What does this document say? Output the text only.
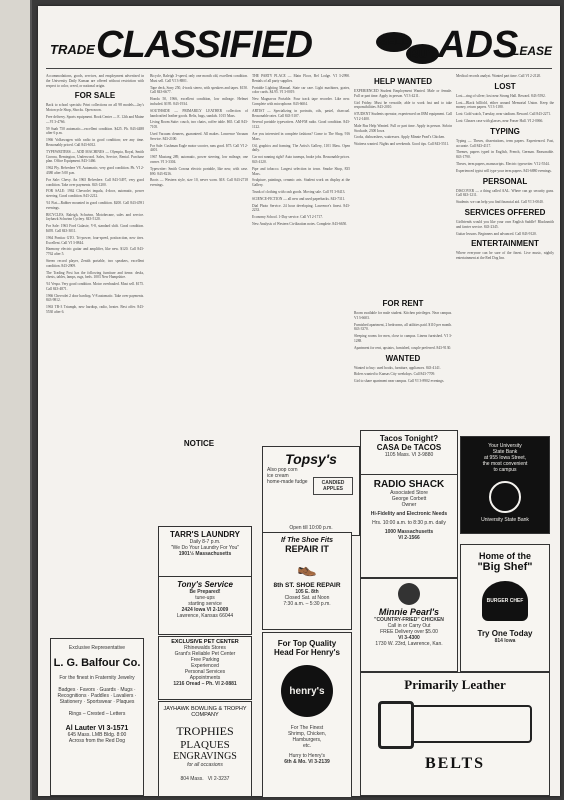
TRADE CLASSIFIED	SELL
BUY ADS
LEASE
Accommodations, goods, services, and employment advertised in the University Daily Kansan are offered without restriction with respect to color, creed, or national origin.
FOR SALE
Back to school specials: Print collections on all 98 models—Jay's Motorcycle Shop, Shocks. Open noon.
Free delivery. Sports equipment. Book Center — E. 12th and Maine—VI 3-4766.
59 Saab 750 automatic—excellent condition. $425. Ph. 843-4488 after 6 p.m.
1966 Volkswagen with radio in good condition; see any time. Reasonably priced. Call 843-6012.
TYPEWRITERS — ADD MACHINES — Olympia, Royal, Smith Corona, Remington, Underwood. Sales, Service, Rental. Purchase plan. Office Equipment. 843-1466.
1962 Ply. Belvedere V8. Automatic, very good condition. Ph. VI 2-4380 after 5:00 p.m.
For Sale: Chevy. An 1965 Belvedere. Call 843-5497, very good condition. Take over payments. 843-1200.
FOR SALE: 1962 Chevrolet impala, 4-door, automatic, power steering. Good condition. 843-2212.
'61 Fiat—Rubber mounted in good condition. $200. Call 843-4591 evenings.
BICYCLES, Raleigh, Schwinn, Motobecane, sales and service. Jayhawk Schwinn Cyclery. 843-5120.
For Sale: 1963 Ford Galaxie, V-8, standard shift. Good condition. $495. Call 843-3011.
1964 Pontiac GTO. Tri-power, four-speed, positraction, new tires. Excellent. Call VI 3-0844.
Harmony electric guitar and amplifier, like new. $120. Call 843-7762 after 5.
Stereo record player, Zenith portable, two speakers, excellent condition. 843-2909.
The Trading Post has the following furniture and items: desks, chests, tables, lamps, rugs, beds. 1003 New Hampshire.
'61 Vespa. Very good condition. Motor overhauled. Must sell. $175. Call 843-4871.
1966 Chevrolet 2 door hardtop, V-8 automatic. Take over payments. 843-9812.
1963 TR-3 Triumph, new hardtop, radio, heater. Best offer. 843-5530 after 6.
Bicycle, Raleigh 3-speed, only one month old, excellent condition. Must sell. Call VI 3-8801.
Tape deck, Sony 250, 4-track stereo, with speakers and tapes. $150. Call 843-6677.
Honda 50, 1966, excellent condition, low mileage. Helmet included. $195. 843-1934.
SOUTHSIDE — PRIMARILY LEATHER collection of handcrafted leather goods. Belts, bags, sandals. 1015 Mass.
Living Room Suite: couch, two chairs, coffee table. $65. Call 843-7105.
Used Vacuum cleaners, guaranteed. All makes. Lawrence Vacuum Service. 843-2100.
For Sale: Cushman Eagle motor scooter, runs good. $75. Call VI 2-4401.
1967 Mustang 289, automatic, power steering, low mileage, one owner. VI 3-3304.
Typewriter: Smith Corona electric portable, like new, with case. $90. 843-8216.
Boots — Western style, size 10, never worn. $18. Call 843-2718 evenings.
NOTICE
THE PARTY PLACE — Main Floor, Bel Lodge. VI 3-2990. Rentals of all party supplies.
Portable Lighting Manual. State car care. Light machines, grates, color cards. $4.95. VI 3-0019.
New Magnavox Portable. Four track tape recorder. Like new. Complete with microphone. 843-6604.
ARTIST — Specializing in portraits, oils, pastel, charcoal. Reasonable rates. Call 843-5107.
Several portable typewriters. AM-FM radio. Good condition. 843-1122.
Are you interested in complete fashions? Come to The Shop, 916 Mass.
Oil, graphics and framing. The Artist's Gallery, 1101 Mass. Open daily.
Car not running right? Auto tuneups, brake jobs. Reasonable prices. 843-4120.
Pipe and tobacco. Largest selection in town. Smoke Shop, 835 Mass.
Sculpture, paintings, ceramic arts. Student work on display at the Gallery.
Trunk of clothing with cash goods. Moving sale. Call VI 3-8413.
SCIENCE-FICTION — all new and used paperbacks. 843-7311.
Dial Photo Service. 24 hour developing. Lawrence's finest. 843-2233.
Economy School. 1-Day service. Call VI 2-1717.
New Analysis of Western Civilization notes. Complete. 843-6650.
HELP WANTED
EXPERIENCED Student Employment Wanted. Male or female. Full or part time. Apply in person. VI 3-4211.
Girl Friday: Must be versatile, able to work fast and to take responsibilities. 843-2010.
STUDENT Students operator, experienced on IBM equipment. Call VI 2-1400.
Male Bus Help Wanted. Full or part time. Apply in person. Sirloin Stockade, 2300 Iowa.
Cooks, dishwashers, waitresses. Apply Minnie Pearl's Chicken.
Waitress wanted. Nights and weekends. Good tips. Call 843-5511.
FOR RENT
Room available for male student. Kitchen privileges. Near campus. VI 3-6603.
Furnished apartment, 2 bedrooms, all utilities paid. $110 per month. 843-3370.
Sleeping rooms for men, close to campus. Linens furnished. VI 3-1288.
Apartment for rent, upstairs, furnished, couple preferred. 843-9130.
WANTED
Wanted to buy: used books, furniture, appliances. 843-4141.
Riders wanted to Kansas City weekdays. Call 843-7709.
Girl to share apartment near campus. Call VI 3-8902 evenings.
Medical records analyst. Wanted part time. Call VI 2-2120.
LOST
Lost—ring of silver; lost near Strong Hall. Reward. 843-5592.
Lost—Black billfold, either around Memorial Union. Keep the money, return papers. VI 3-1180.
Lost: Gold watch, Tuesday, near stadium. Reward. Call 843-2271.
Lost: Glasses case with glasses, near Fraser Hall. VI 2-0066.
TYPING
Typing — Theses, dissertations, term papers. Experienced. Fast, accurate. Call 843-4117.
Themes, papers typed in English, French, German. Reasonable. 843-1790.
Theses, term papers, manuscripts. Electric typewriter. VI 2-5544.
Experienced typist will type your term papers. 843-6880 evenings.
PERSONAL
DISCOVER — a thing called AAL. Where can go security guns. Call 843-1211.
Students: we can help you find financial aid. Call VI 3-0040.
SERVICES OFFERED
Girlfriends would you like your own English Saddle? Blacksmith and farrier service. 843-2345.
Guitar lessons. Beginners and advanced. Call 843-9120.
ENTERTAINMENT
Where everyone can be sure of the finest. Live music, nightly entertainment at the Red Dog Inn.
Exclusive Representative
L. G. Balfour Co.
For the finest in Fraternity Jewelry
Badges · Favors · Guards · Mugs · Recognitions · Paddles · Lavaliers · Stationery · Sportswear · Plaques
Rings – Crested – Letters
Al Lauter VI 3-1571
645 Mass. LMB Bldg. 8:00
Across from the Red Dog
TARR'S LAUNDRY
Daily 8-7 p.m.
"We Do Your Laundry For You"
1901½ Massachusetts
Tony's Service
Be Prepared!
tune-ups
starting service
2424 Iowa VI 2-1009
Lawrence, Kansas 66044
EXCLUSIVE PET CENTER
Rhinewalds Stores
Grant's Reliable Pet Center
Free Parking
Experienced
Personal Services
Appointments
1216 Oread – Ph. VI 2-0881
JAYHAWK BOWLING & TROPHY COMPANY
TROPHIES
PLAQUES
ENGRAVINGS
for all occasions
804 Mass. VI 2-3237
Topsy's
Also pop corn
ice cream
home-made fudge	CANDIED APPLES
Open till 10:00 p.m.
If The Shoe Fits
REPAIR IT
👞
8th ST. SHOE REPAIR
105 E. 8th
Closed Sat. at Noon
7:30 a.m. – 5:30 p.m.
For Top Quality
Head For Henry's
henry's
For The Finest
Shrimp, Chicken,
Hamburgers,
etc.
Hurry to Henry's
6th & Mo. VI 3-2139
Tacos Tonight?
CASA De TACOS
1105 Mass. VI 3-9880
RADIO SHACK
Associated Store
George Corbett
Owner
Hi-Fidelity and Electronic Needs
Hrs. 10:00 a.m. to 8:30 p.m. daily
1000 Massachusetts
VI 2-1566
Minnie Pearl's
"COUNTRY-FRIED" CHICKEN
Call in or Carry Out
FREE Delivery over $5.00
VI 3-4300
1730 W. 23rd, Lawrence, Kan.
Primarily Leather
BELTS
Your University
State Bank
at 955 Iowa Street,
the most convenient
to campus
University State Bank
Home of the
"Big Shef"
BURGER CHEF
Try One Today
814 Iowa
